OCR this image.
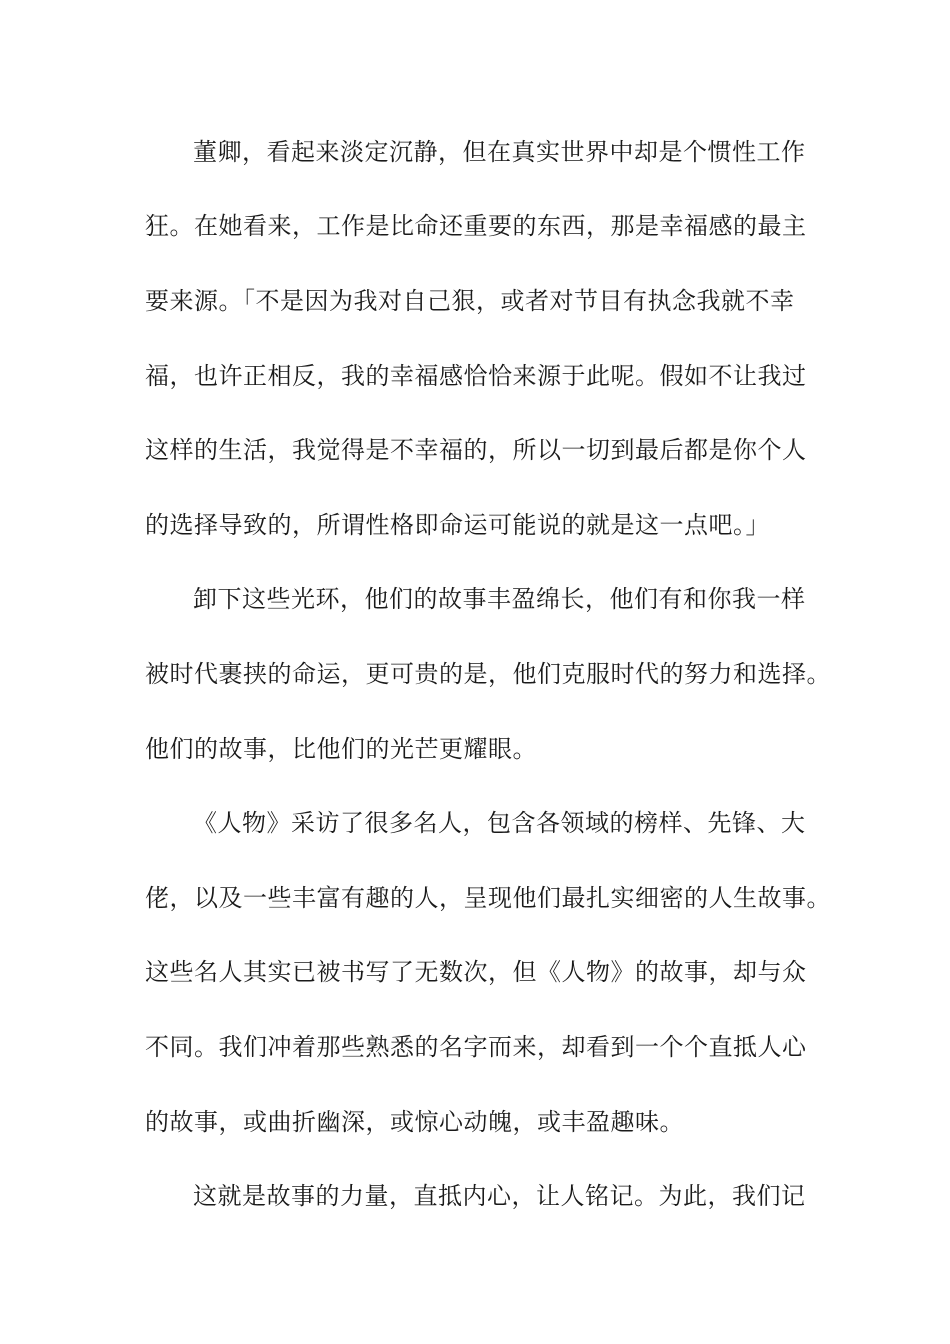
董卿，看起来淡定沉静，但在真实世界中却是个惯性工作
狂。在她看来，工作是比命还重要的东西，那是幸福感的最主
要来源。「不是因为我对自己狠，或者对节目有执念我就不幸
福，也许正相反，我的幸福感恰恰来源于此呢。假如不让我过
这样的生活，我觉得是不幸福的，所以一切到最后都是你个人
的选择导致的，所谓性格即命运可能说的就是这一点吧。」
卸下这些光环，他们的故事丰盈绵长，他们有和你我一样
被时代裹挟的命运，更可贵的是，他们克服时代的努力和选择。
他们的故事，比他们的光芒更耀眼。
《人物》采访了很多名人，包含各领域的榜样、先锋、大
佬，以及一些丰富有趣的人，呈现他们最扎实细密的人生故事。
这些名人其实已被书写了无数次，但《人物》的故事，却与众
不同。我们冲着那些熟悉的名字而来，却看到一个个直抵人心
的故事，或曲折幽深，或惊心动魄，或丰盈趣味。
这就是故事的力量，直抵内心，让人铭记。为此，我们记
